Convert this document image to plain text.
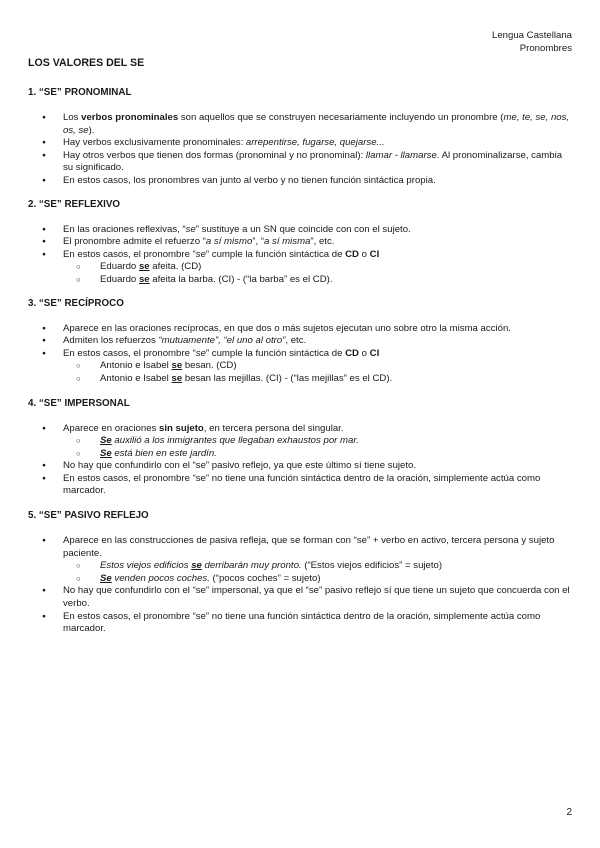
Lengua Castellana
Pronombres
LOS VALORES DEL SE
1. “SE” PRONOMINAL
● Los verbos pronominales son aquellos que se construyen necesariamente incluyendo un pronombre (me, te, se, nos, os, se).
● Hay verbos exclusivamente pronominales: arrepentirse, fugarse, quejarse...
● Hay otros verbos que tienen dos formas (pronominal y no pronominal): llamar - llamarse. Al pronominalizarse, cambia su significado.
● En estos casos, los pronombres van junto al verbo y no tienen función sintáctica propia.
2. “SE” REFLEXIVO
● En las oraciones reflexivas, “se” sustituye a un SN que coincide con con el sujeto.
● El pronombre admite el refuerzo “a sí mismo”, “a sí misma”, etc.
● En estos casos, el pronombre “se” cumple la función sintáctica de CD o CI
○ Eduardo se afeita. (CD)
○ Eduardo se afeita la barba. (CI) - (“la barba” es el CD).
3. “SE” RECÍPROCO
● Aparece en las oraciones recíprocas, en que dos o más sujetos ejecutan uno sobre otro la misma acción.
● Admiten los refuerzos “mutuamente”, “el uno al otro”, etc.
● En estos casos, el pronombre “se” cumple la función sintáctica de CD o CI
○ Antonio e Isabel se besan. (CD)
○ Antonio e Isabel se besan las mejillas. (CI) - (“las mejillas” es el CD).
4. “SE” IMPERSONAL
● Aparece en oraciones sin sujeto, en tercera persona del singular.
○ Se auxilió a los inmigrantes que llegaban exhaustos por mar.
○ Se está bien en este jardín.
● No hay que confundirlo con el “se” pasivo reflejo, ya que este último sí tiene sujeto.
● En estos casos, el pronombre “se” no tiene una función sintáctica dentro de la oración, simplemente actúa como marcador.
5. “SE” PASIVO REFLEJO
● Aparece en las construcciones de pasiva refleja, que se forman con “se” + verbo en activo, tercera persona y sujeto paciente.
○ Estos viejos edificios se derribarán muy pronto. (“Estos viejos edificios” = sujeto)
○ Se venden pocos coches. (“pocos coches” = sujeto)
● No hay que confundirlo con el “se” impersonal, ya que el “se” pasivo reflejo sí que tiene un sujeto que concuerda con el verbo.
● En estos casos, el pronombre “se” no tiene una función sintáctica dentro de la oración, simplemente actúa como marcador.
2
